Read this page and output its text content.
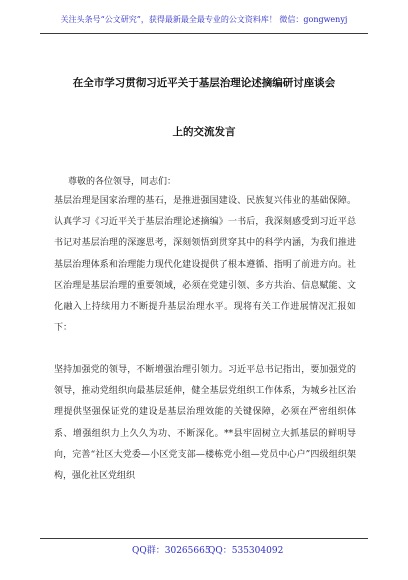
关注头条号“公文研究”，获得最新最全最专业的公文资料库！ 微信：gongwenyj
在全市学习贯彻习近平关于基层治理论述摘编研讨座谈会
上的交流发言
尊敬的各位领导，同志们：

基层治理是国家治理的基石，是推进强国建设、民族复兴伟业的基础保障。认真学习《习近平关于基层治理论述摘编》一书后，我深刻感受到习近平总书记对基层治理的深邃思考，深刻领悟到贯穿其中的科学内涵，为我们推进基层治理体系和治理能力现代化建设提供了根本遵循、指明了前进方向。社区治理是基层治理的重要领域，必须在党建引领、多方共治、信息赋能、文化融入上持续用力不断提升基层治理水平。现将有关工作进展情况汇报如下：

坚持加强党的领导，不断增强治理引领力。习近平总书记指出，要加强党的领导，推动党组织向最基层延伸，健全基层党组织工作体系，为城乡社区治理提供坚强保证党的建设是基层治理效能的关键保障，必须在严密组织体系、增强组织力上久久为功、不断深化。**县牢固树立大抓基层的鲜明导向，完善“社区大党委—小区党支部—楼栋党小组—党员中心户”四级组织架构，强化社区党组织

QQ群：30265665
QQ：535304092
